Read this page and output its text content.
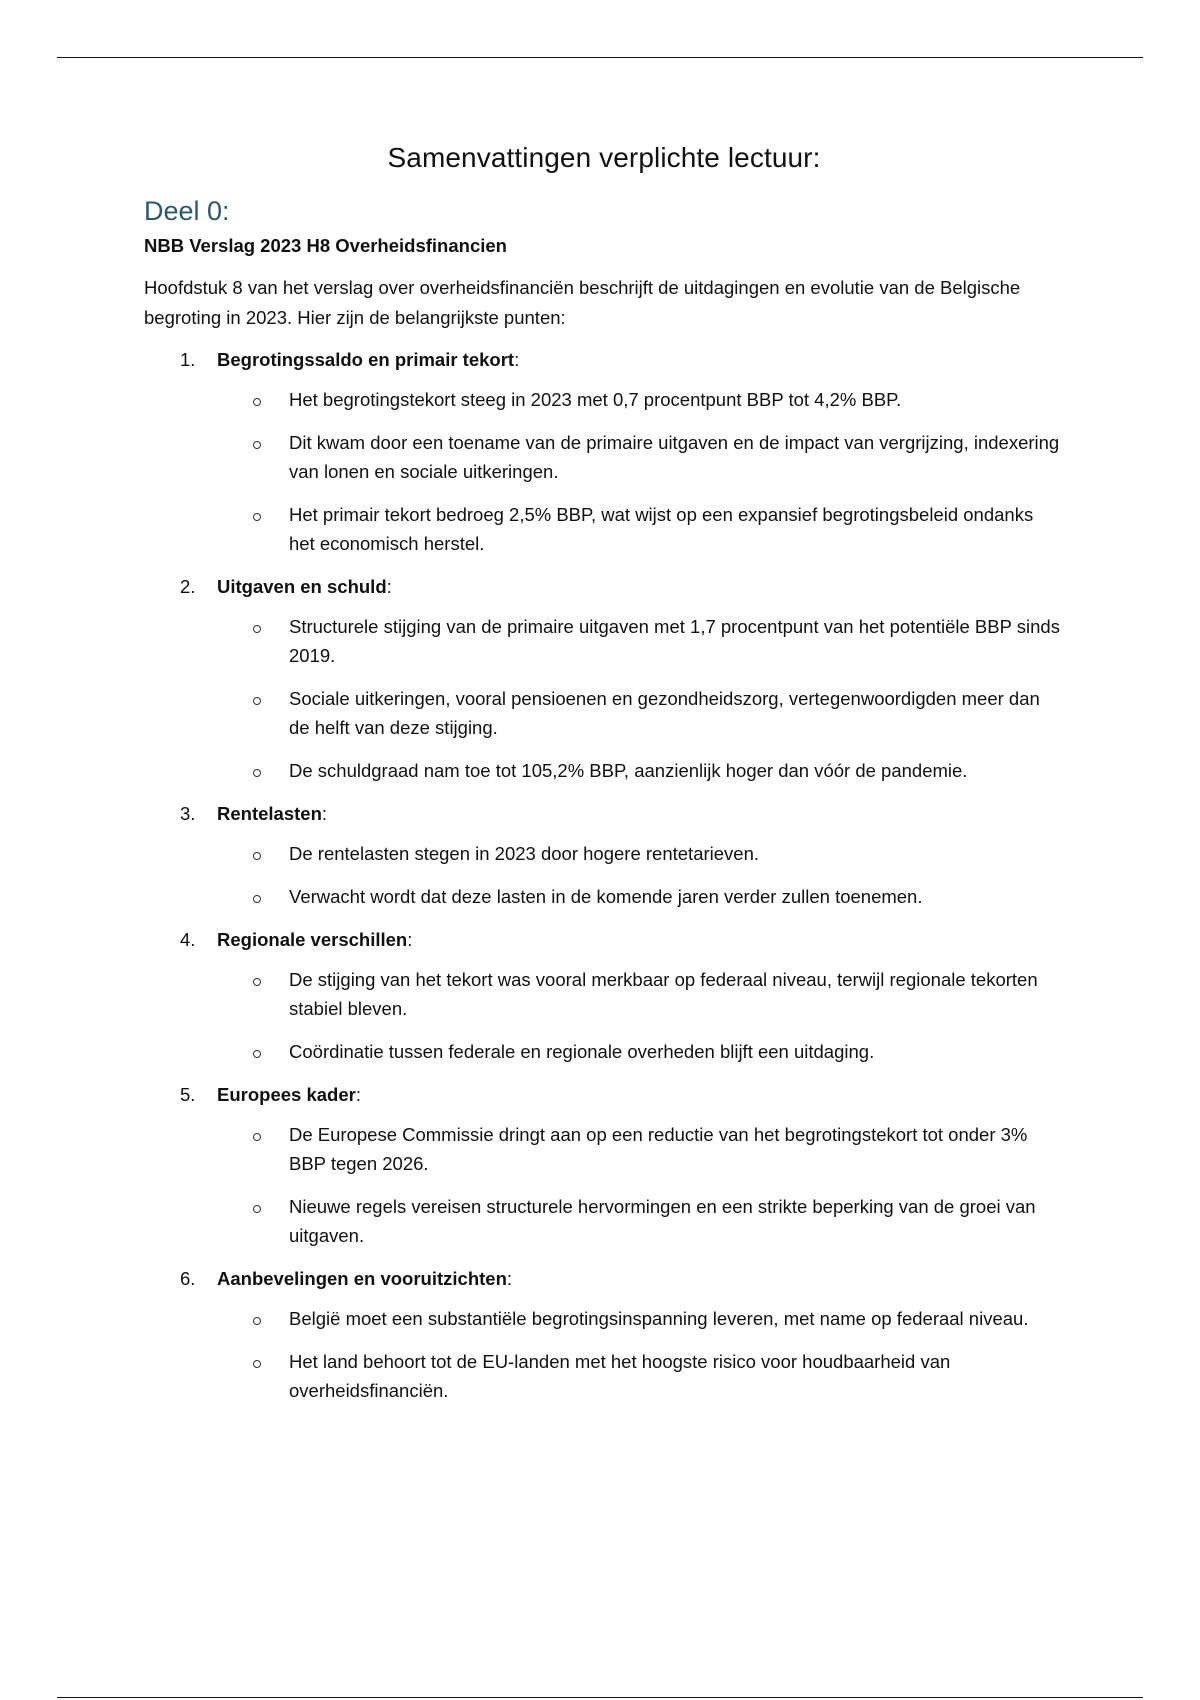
Samenvattingen verplichte lectuur:
Deel 0:

NBB Verslag 2023 H8 Overheidsfinancien

Hoofdstuk 8 van het verslag over overheidsfinanciën beschrijft de uitdagingen en evolutie van de Belgische begroting in 2023. Hier zijn de belangrijkste punten:

1. Begrotingssaldo en primair tekort:
Het begrotingstekort steeg in 2023 met 0,7 procentpunt BBP tot 4,2% BBP.
Dit kwam door een toename van de primaire uitgaven en de impact van vergrijzing, indexering van lonen en sociale uitkeringen.
Het primair tekort bedroeg 2,5% BBP, wat wijst op een expansief begrotingsbeleid ondanks het economisch herstel.
2. Uitgaven en schuld:
Structurele stijging van de primaire uitgaven met 1,7 procentpunt van het potentiële BBP sinds 2019.
Sociale uitkeringen, vooral pensioenen en gezondheidszorg, vertegenwoordigden meer dan de helft van deze stijging.
De schuldgraad nam toe tot 105,2% BBP, aanzienlijk hoger dan vóór de pandemie.
3. Rentelasten:
De rentelasten stegen in 2023 door hogere rentetarieven.
Verwacht wordt dat deze lasten in de komende jaren verder zullen toenemen.
4. Regionale verschillen:
De stijging van het tekort was vooral merkbaar op federaal niveau, terwijl regionale tekorten stabiel bleven.
Coördinatie tussen federale en regionale overheden blijft een uitdaging.
5. Europees kader:
De Europese Commissie dringt aan op een reductie van het begrotingstekort tot onder 3% BBP tegen 2026.
Nieuwe regels vereisen structurele hervormingen en een strikte beperking van de groei van uitgaven.
6. Aanbevelingen en vooruitzichten:
België moet een substantiële begrotingsinspanning leveren, met name op federaal niveau.
Het land behoort tot de EU-landen met het hoogste risico voor houdbaarheid van overheidsfinanciën.
